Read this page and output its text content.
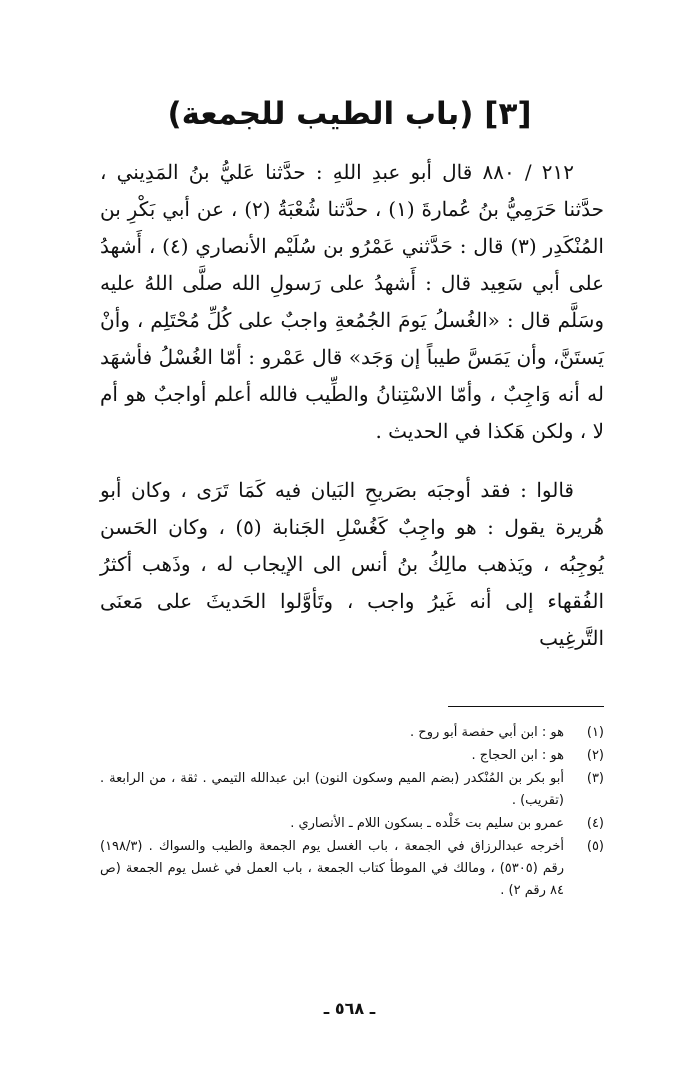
[٣] (باب الطيب للجمعة)

٢١٢ / ٨٨٠ قال أبو عبدِ اللهِ : حدَّثنا عَليُّ بنُ المَدِيني ، حدَّثنا حَرَمِيُّ بنُ عُمارةَ (١) ، حدَّثنا شُعْبَةُ (٢) ، عن أبي بَكْرِ بن المُنْكَدِر (٣) قال : حَدَّثني عَمْرُو بن سُلَيْم الأنصاري (٤) ، أَشهدُ على أبي سَعِيد قال : أَشهدُ على رَسولِ الله صلَّى اللهُ عليه وسَلَّم قال : «الغُسلُ يَومَ الجُمُعةِ واجبٌ على كُلِّ مُحْتَلِم ، وأنْ يَستَنَّ، وأن يَمَسَّ طيباً إن وَجَد» قال عَمْرو : أمّا الغُسْلُ فأشهَد له أنه وَاجِبٌ ، وأمّا الاسْتِنانُ والطِّيب فالله أعلم أواجبٌ هو أم لا ، ولكن هَكذا في الحديث .

قالوا : فقد أوجبَه بصَريحِ البَيان فيه كَمَا تَرَى ، وكان أبو هُريرة يقول : هو واجِبٌ كَغُسْلِ الجَنابة (٥) ، وكان الحَسن يُوجِبُه ، ويَذهب مالِكُ بنُ أنس الى الإيجاب له ، وذَهب أكثرُ الفُقهاء إلى أنه غَيرُ واجب ، وتَأوَّلوا الحَديثَ على مَعنَى التَّرغِيب

(١)
هو : ابن أبي حفصة أبو روح .
(٢)
هو : ابن الحجاج .
(٣)
أبو بكر بن المُنْكدر (بضم الميم وسكون النون) ابن عبدالله التيمي . ثقة ، من الرابعة . (تقريب) .
(٤)
عمرو بن سليم بت خَلْده ـ بسكون اللام ـ الأنصاري .
(٥)
أخرجه عبدالرزاق في الجمعة ، باب الغسل يوم الجمعة والطيب والسواك . (١٩٨/٣) رقم (٥٣٠٥) ، ومالك في الموطأ كتاب الجمعة ، باب العمل في غسل يوم الجمعة (ص ٨٤ رقم ٢) .
ـ ٥٦٨ ـ
